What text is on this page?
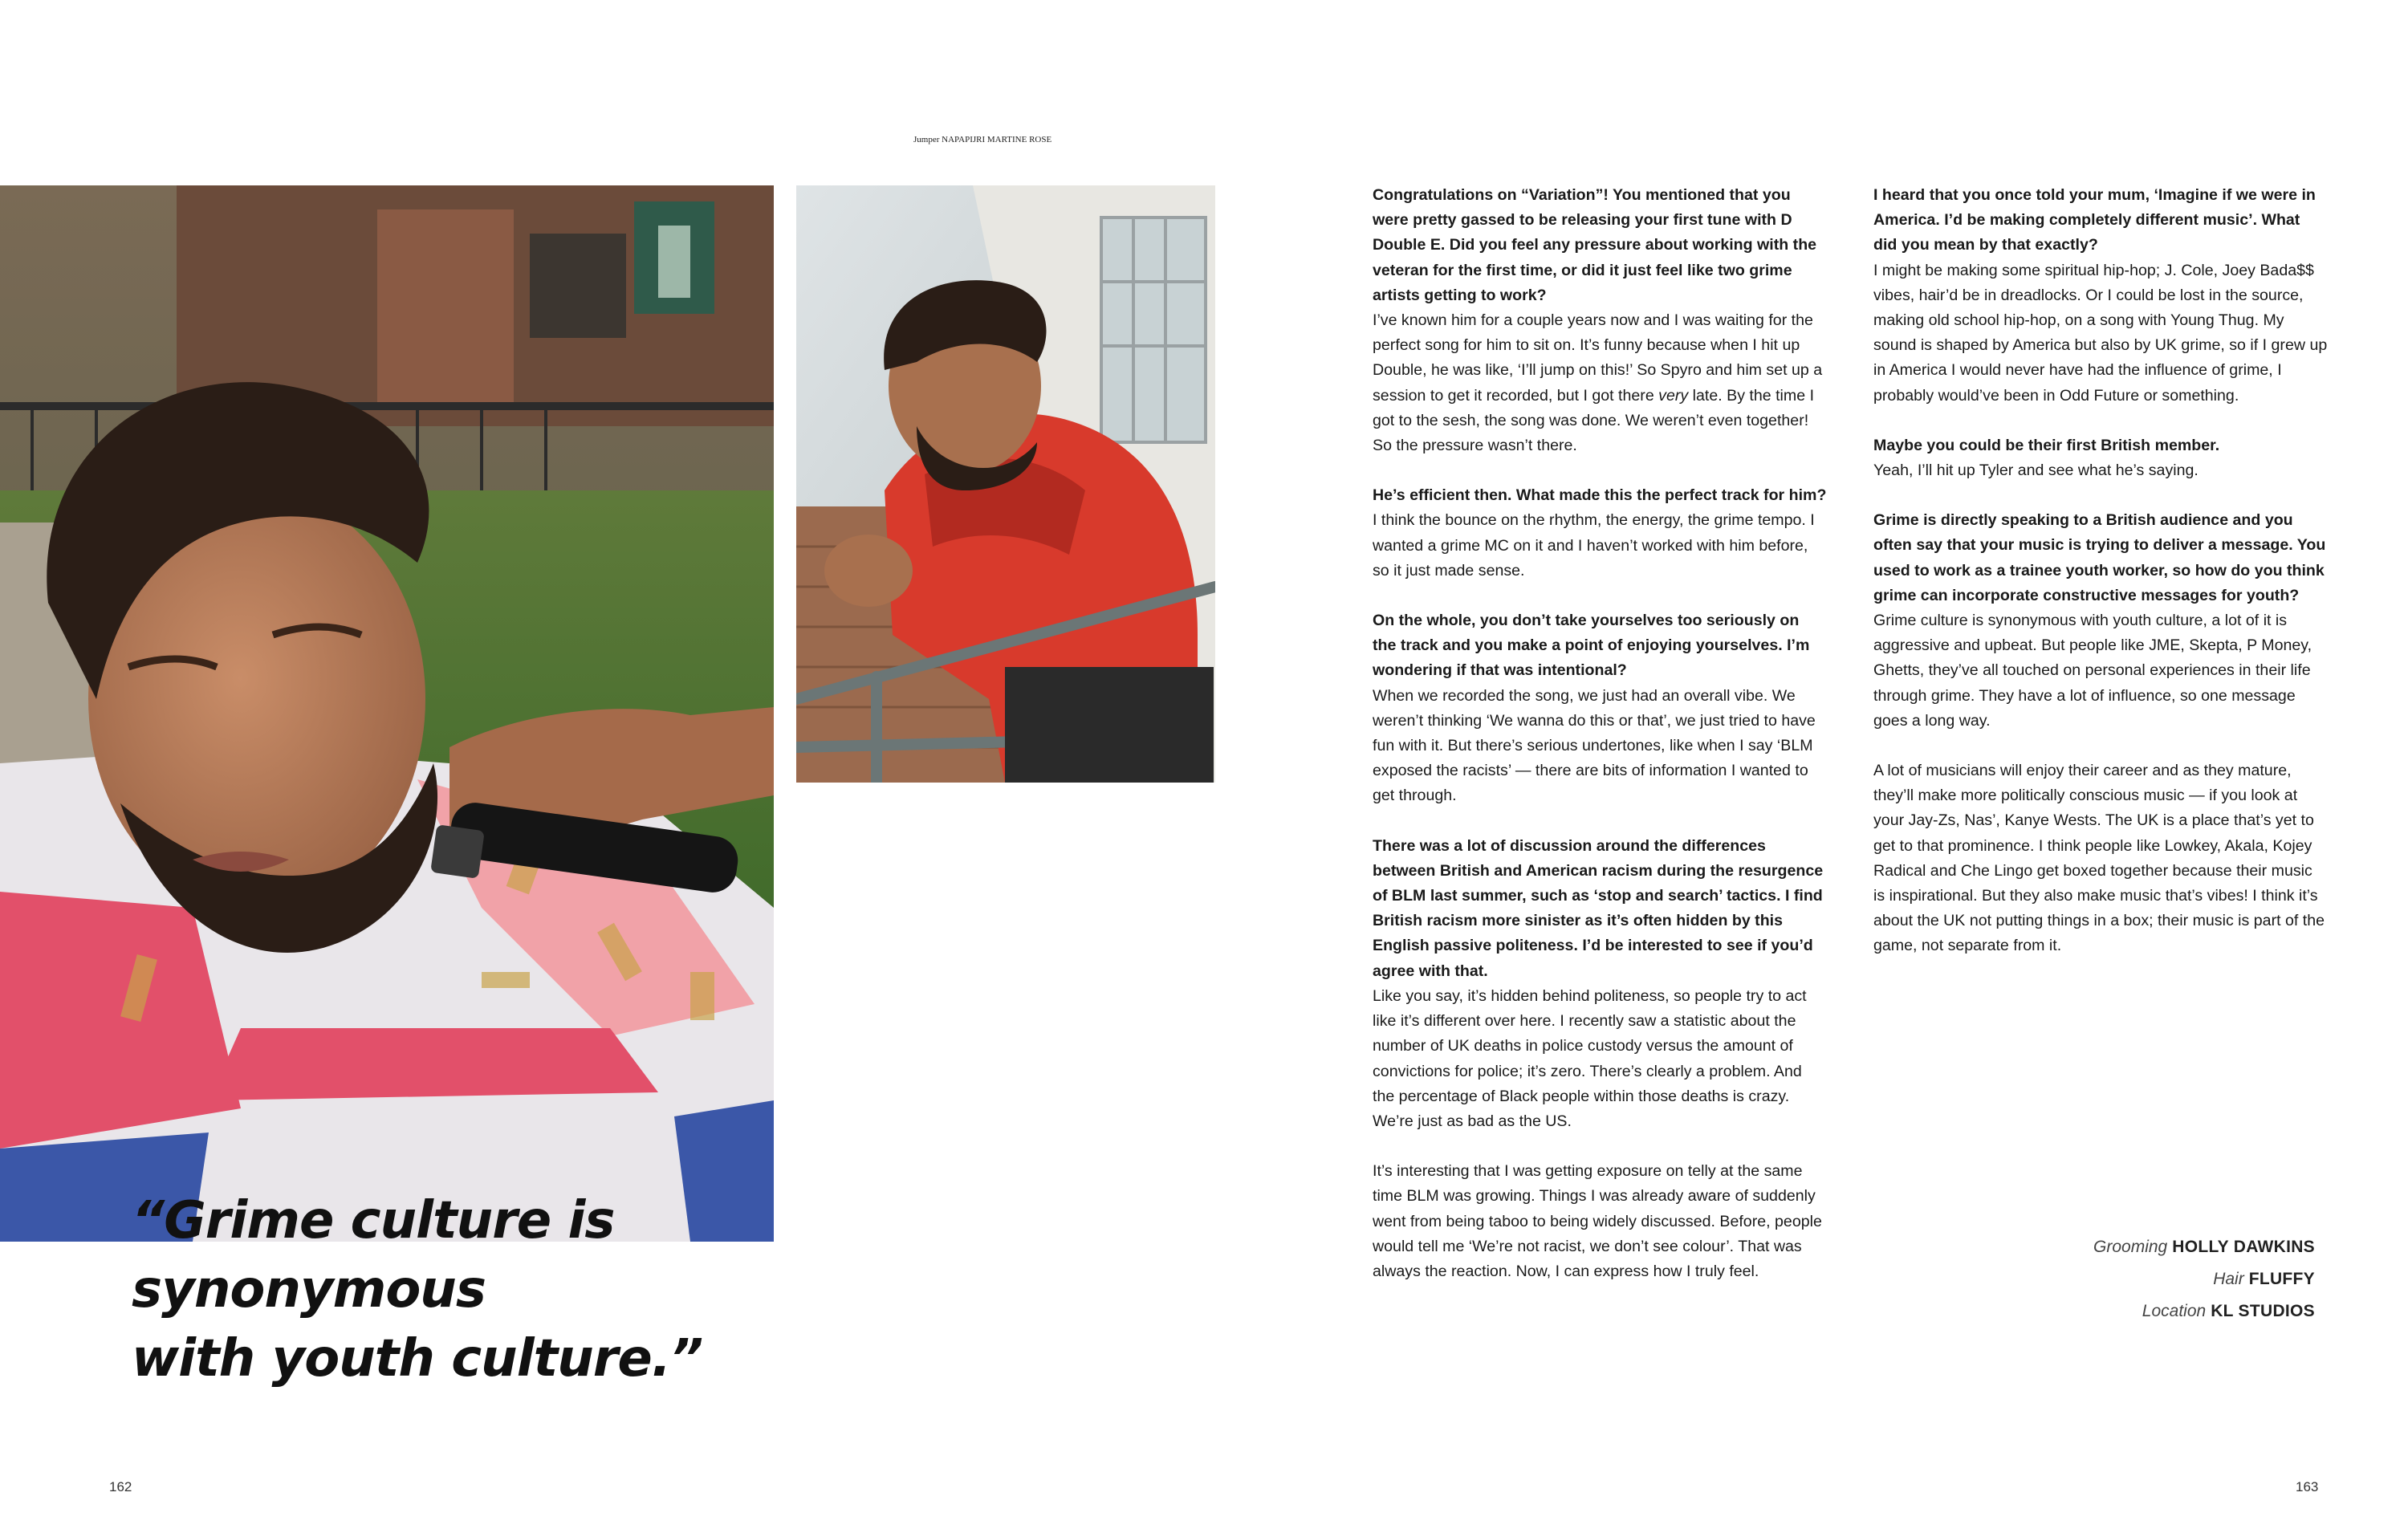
Jumper NAPAPIJRI MARTINE ROSE
“Grime culture is synonymous
with youth culture.”
Congratulations on “Variation”! You mentioned that you were pretty gassed to be releasing your first tune with D Double E. Did you feel any pressure about working with the veteran for the first time, or did it just feel like two grime artists getting to work?
I’ve known him for a couple years now and I was waiting for the perfect song for him to sit on. It’s funny because when I hit up Double, he was like, ‘I’ll jump on this!’ So Spyro and him set up a session to get it recorded, but I got there very late. By the time I got to the sesh, the song was done. We weren’t even together! So the pressure wasn’t there.
He’s efficient then. What made this the perfect track for him?
I think the bounce on the rhythm, the energy, the grime tempo. I wanted a grime MC on it and I haven’t worked with him before, so it just made sense.
On the whole, you don’t take yourselves too seriously on the track and you make a point of enjoying yourselves. I’m wondering if that was intentional?
When we recorded the song, we just had an overall vibe. We weren’t thinking ‘We wanna do this or that’, we just tried to have fun with it. But there’s serious undertones, like when I say ‘BLM exposed the racists’ — there are bits of information I wanted to get through.
There was a lot of discussion around the differences between British and American racism during the resurgence of BLM last summer, such as ‘stop and search’ tactics. I find British racism more sinister as it’s often hidden by this English passive politeness. I’d be interested to see if you’d agree with that.
Like you say, it’s hidden behind politeness, so people try to act like it’s different over here. I recently saw a statistic about the number of UK deaths in police custody versus the amount of convictions for police; it’s zero. There’s clearly a problem. And the percentage of Black people within those deaths is crazy. We’re just as bad as the US.
It’s interesting that I was getting exposure on telly at the same time BLM was growing. Things I was already aware of suddenly went from being taboo to being widely discussed. Before, people would tell me ‘We’re not racist, we don’t see colour’. That was always the reaction. Now, I can express how I truly feel.
I heard that you once told your mum, ‘Imagine if we were in America. I’d be making completely different music’. What did you mean by that exactly?
I might be making some spiritual hip-hop; J. Cole, Joey Bada$$ vibes, hair’d be in dreadlocks. Or I could be lost in the source, making old school hip-hop, on a song with Young Thug. My sound is shaped by America but also by UK grime, so if I grew up in America I would never have had the influence of grime, I probably would’ve been in Odd Future or something.
Maybe you could be their first British member.
Yeah, I’ll hit up Tyler and see what he’s saying.
Grime is directly speaking to a British audience and you often say that your music is trying to deliver a message. You used to work as a trainee youth worker, so how do you think grime can incorporate constructive messages for youth?
Grime culture is synonymous with youth culture, a lot of it is aggressive and upbeat. But people like JME, Skepta, P Money, Ghetts, they’ve all touched on personal experiences in their life through grime. They have a lot of influence, so one message goes a long way.
A lot of musicians will enjoy their career and as they mature, they’ll make more politically conscious music — if you look at your Jay-Zs, Nas’, Kanye Wests. The UK is a place that’s yet to get to that prominence. I think people like Lowkey, Akala, Kojey Radical and Che Lingo get boxed together because their music is inspirational. But they also make music that’s vibes! I think it’s about the UK not putting things in a box; their music is part of the game, not separate from it.
Grooming HOLLY DAWKINS
Hair FLUFFY
Location KL STUDIOS
162	163
